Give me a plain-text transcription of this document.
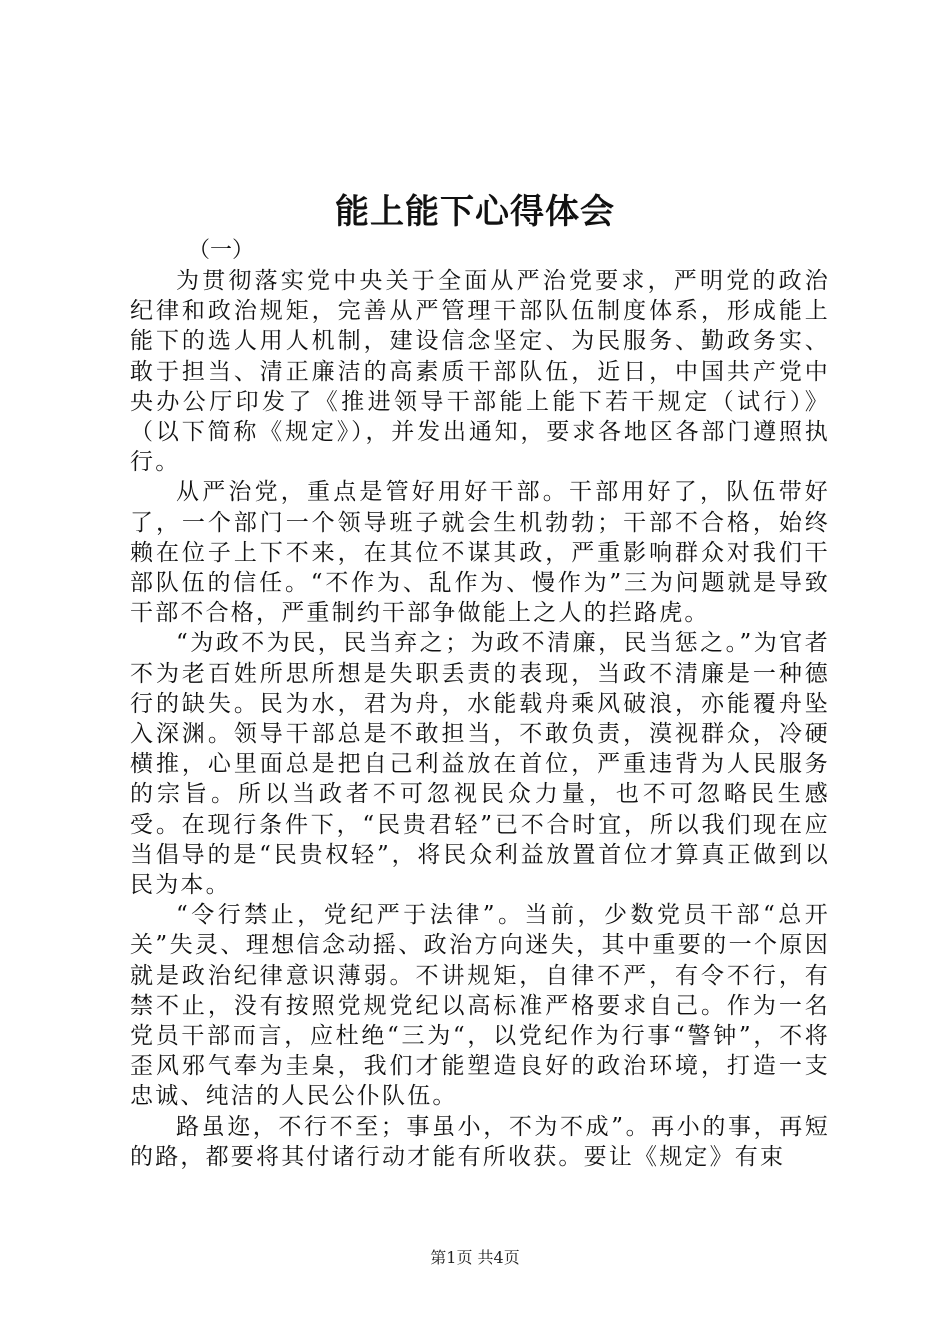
能上能下心得体会

（一）

为贯彻落实党中央关于全面从严治党要求，严明党的政治纪律和政治规矩，完善从严管理干部队伍制度体系，形成能上能下的选人用人机制，建设信念坚定、为民服务、勤政务实、敢于担当、清正廉洁的高素质干部队伍，近日，中国共产党中央办公厅印发了《推进领导干部能上能下若干规定（试行）》（以下简称《规定》），并发出通知，要求各地区各部门遵照执行。

从严治党，重点是管好用好干部。干部用好了，队伍带好了，一个部门一个领导班子就会生机勃勃；干部不合格，始终赖在位子上下不来，在其位不谋其政，严重影响群众对我们干部队伍的信任。“不作为、乱作为、慢作为”三为问题就是导致干部不合格，严重制约干部争做能上之人的拦路虎。

“为政不为民，民当弃之；为政不清廉，民当惩之。”为官者不为老百姓所思所想是失职丢责的表现，当政不清廉是一种德行的缺失。民为水，君为舟，水能载舟乘风破浪，亦能覆舟坠入深渊。领导干部总是不敢担当，不敢负责，漠视群众，冷硬横推，心里面总是把自己利益放在首位，严重违背为人民服务的宗旨。所以当政者不可忽视民众力量，也不可忽略民生感受。在现行条件下，“民贵君轻”已不合时宜，所以我们现在应当倡导的是“民贵权轻”，将民众利益放置首位才算真正做到以民为本。

“令行禁止，党纪严于法律”。当前，少数党员干部“总开关”失灵、理想信念动摇、政治方向迷失，其中重要的一个原因就是政治纪律意识薄弱。不讲规矩，自律不严，有令不行，有禁不止，没有按照党规党纪以高标准严格要求自己。作为一名党员干部而言，应杜绝“三为“，以党纪作为行事“警钟”，不将歪风邪气奉为圭臬，我们才能塑造良好的政治环境，打造一支忠诚、纯洁的人民公仆队伍。

路虽迩，不行不至；事虽小，不为不成”。再小的事，再短的路，都要将其付诸行动才能有所收获。要让《规定》有束

第1页 共4页
